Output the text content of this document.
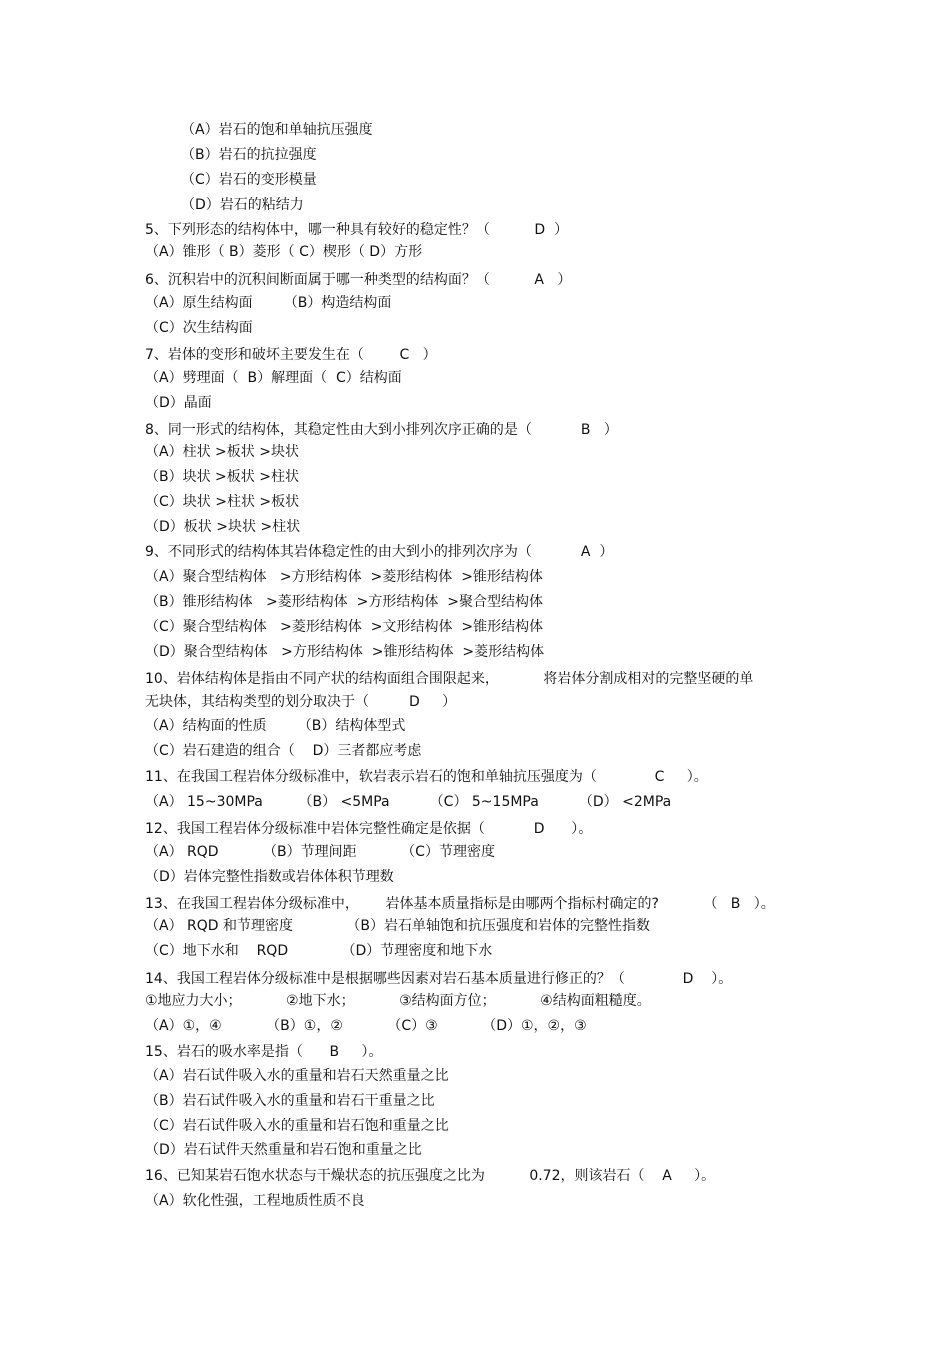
（A）岩石的饱和单轴抗压强度
（B）岩石的抗拉强度
（C）岩石的变形模量
（D）岩石的粘结力
5、下列形态的结构体中，哪一种具有较好的稳定性？（          D  ）
（A）锥形（ B）菱形（ C）楔形（ D）方形
6、沉积岩中的沉积间断面属于哪一种类型的结构面？（          A   ）
（A）原生结构面       （B）构造结构面
（C）次生结构面
7、岩体的变形和破坏主要发生在（        C   ）
（A）劈理面（  B）解理面（  C）结构面
（D）晶面
8、同一形式的结构体，其稳定性由大到小排列次序正确的是（           B   ）
（A）柱状 >板状 >块状
（B）块状 >板状 >柱状
（C）块状 >柱状 >板状
（D）板状 >块状 >柱状
9、不同形式的结构体其岩体稳定性的由大到小的排列次序为（           A  ）
（A）聚合型结构体   >方形结构体  >菱形结构体  >锥形结构体
（B）锥形结构体   >菱形结构体  >方形结构体  >聚合型结构体
（C）聚合型结构体   >菱形结构体  >文形结构体  >锥形结构体
（D）聚合型结构体   >方形结构体  >锥形结构体  >菱形结构体
10、岩体结构体是指由不同产状的结构面组合围限起来，          将岩体分割成相对的完整坚硬的单
无块体，其结构类型的划分取决于（         D     ）
（A）结构面的性质       （B）结构体型式
（C）岩石建造的组合（    D）三者都应考虑
11、在我国工程岩体分级标准中，软岩表示岩石的饱和单轴抗压强度为（             C     ）。
（A） 15~30MPa        （B） <5MPa         （C） 5~15MPa         （D） <2MPa
12、我国工程岩体分级标准中岩体完整性确定是依据（           D      ）。
（A） RQD          （B）节理间距          （C）节理密度
（D）岩体完整性指数或岩体体积节理数
13、在我国工程岩体分级标准中，      岩体基本质量指标是由哪两个指标村确定的?          （   B   ）。
（A） RQD 和节理密度            （B）岩石单轴饱和抗压强度和岩体的完整性指数
（C）地下水和    RQD            （D）节理密度和地下水
14、我国工程岩体分级标准中是根据哪些因素对岩石基本质量进行修正的？（             D    ）。
①地应力大小；          ②地下水；          ③结构面方位；          ④结构面粗糙度。
（A）①，④          （B）①，②          （C）③          （D）①，②，③
15、岩石的吸水率是指（      B     ）。
（A）岩石试件吸入水的重量和岩石天然重量之比
（B）岩石试件吸入水的重量和岩石干重量之比
（C）岩石试件吸入水的重量和岩石饱和重量之比
（D）岩石试件天然重量和岩石饱和重量之比
16、已知某岩石饱水状态与干燥状态的抗压强度之比为          0.72，则该岩石（    A     ）。
（A）软化性强，工程地质性质不良
